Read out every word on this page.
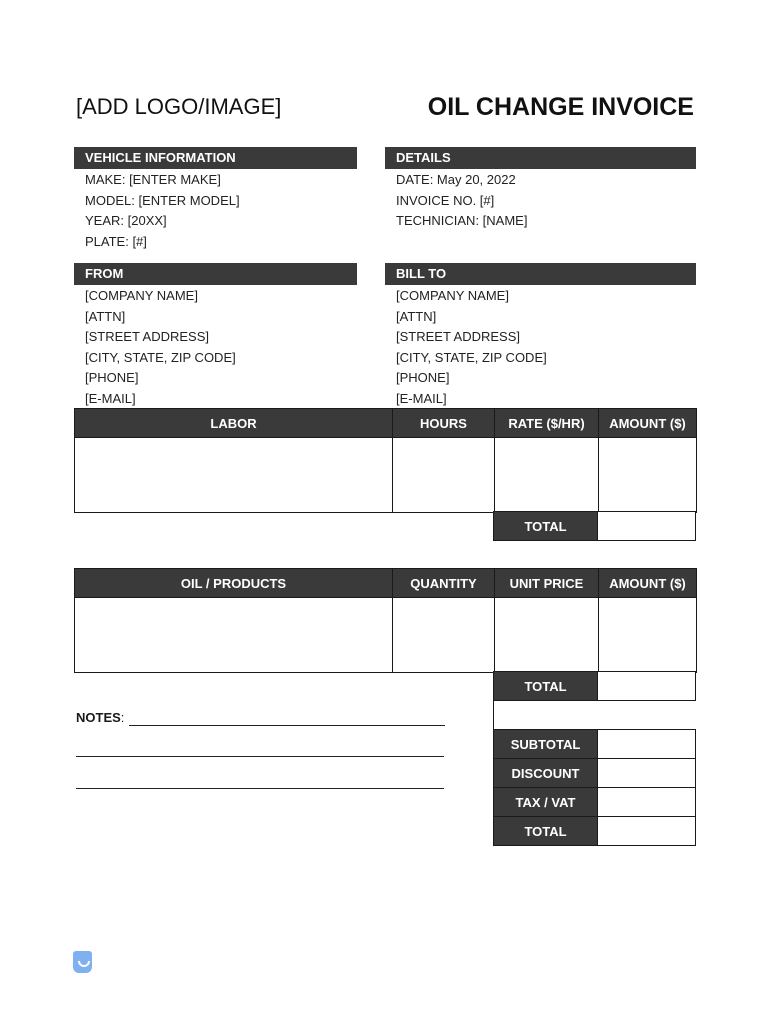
[ADD LOGO/IMAGE]	OIL CHANGE INVOICE
VEHICLE INFORMATION
MAKE: [ENTER MAKE]
MODEL: [ENTER MODEL]
YEAR: [20XX]
PLATE: [#]
DETAILS
DATE: May 20, 2022
INVOICE NO. [#]
TECHNICIAN: [NAME]
FROM
[COMPANY NAME]
[ATTN]
[STREET ADDRESS]
[CITY, STATE, ZIP CODE]
[PHONE]
[E-MAIL]
BILL TO
[COMPANY NAME]
[ATTN]
[STREET ADDRESS]
[CITY, STATE, ZIP CODE]
[PHONE]
[E-MAIL]
LABOR	HOURS	RATE ($/HR)	AMOUNT ($)

TOTAL	
OIL / PRODUCTS	QUANTITY	UNIT PRICE	AMOUNT ($)

TOTAL	
SUBTOTAL	
DISCOUNT	
TAX / VAT	
TOTAL	
NOTES:
